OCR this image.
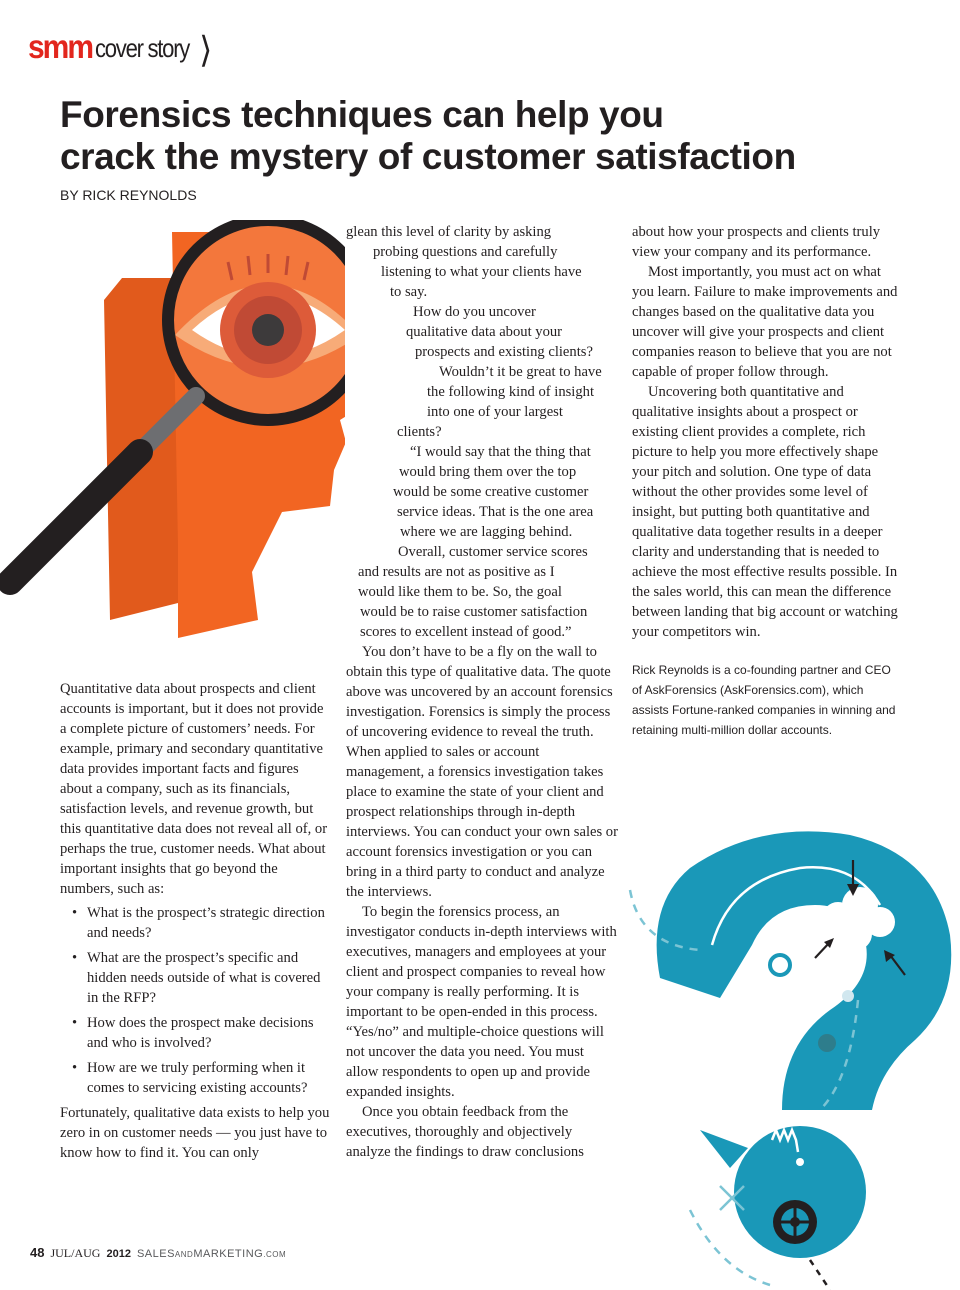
smm cover story ❭
Forensics techniques can help you
crack the mystery of customer satisfaction
BY RICK REYNOLDS

Quantitative data about prospects and client accounts is important, but it does not provide a complete picture of customers’ needs. For example, primary and secondary quantitative data provides important facts and figures about a company, such as its financials, satisfaction levels, and revenue growth, but this quantitative data does not reveal all of, or perhaps the true, customer needs. What about important insights that go beyond the numbers, such as:

• What is the prospect’s strategic direction and needs?
• What are the prospect’s specific and hidden needs outside of what is covered in the RFP?
• How does the prospect make decisions and who is involved?
• How are we truly performing when it comes to servicing existing accounts?

Fortunately, qualitative data exists to help you zero in on customer needs — you just have to know how to find it. You can only

glean this level of clarity by asking
probing questions and carefully
listening to what your clients have
to say.
How do you uncover
qualitative data about your
prospects and existing clients?
Wouldn’t it be great to have
the following kind of insight
into one of your largest
clients?
“I would say that the thing that
would bring them over the top
would be some creative customer
service ideas. That is the one area
where we are lagging behind.
Overall, customer service scores
and results are not as positive as I
would like them to be. So, the goal
would be to raise customer satisfaction
scores to excellent instead of good.”

You don’t have to be a fly on the wall to obtain this type of qualitative data. The quote above was uncovered by an account forensics investigation. Forensics is simply the process of uncovering evidence to reveal the truth. When applied to sales or account management, a forensics investigation takes place to examine the state of your client and prospect relationships through in-depth interviews. You can conduct your own sales or account forensics investigation or you can bring in a third party to conduct and analyze the interviews.

To begin the forensics process, an investigator conducts in-depth interviews with executives, managers and employees at your client and prospect companies to reveal how your company is really performing. It is important to be open-ended in this process. “Yes/no” and multiple-choice questions will not uncover the data you need. You must allow respondents to open up and provide expanded insights.

Once you obtain feedback from the executives, thoroughly and objectively analyze the findings to draw conclusions

about how your prospects and clients truly view your company and its performance.

Most importantly, you must act on what you learn. Failure to make improvements and changes based on the qualitative data you uncover will give your prospects and client companies reason to believe that you are not capable of proper follow through.

Uncovering both quantitative and qualitative insights about a prospect or existing client provides a complete, rich picture to help you more effectively shape your pitch and solution. One type of data without the other provides some level of insight, but putting both quantitative and qualitative data together results in a deeper clarity and understanding that is needed to achieve the most effective results possible. In the sales world, this can mean the difference between landing that big account or watching your competitors win.

Rick Reynolds is a co-founding partner and CEO of AskForensics (AskForensics.com), which assists Fortune-ranked companies in winning and retaining multi-million dollar accounts.

48 JUL/AUG 2012 SALESANDMARKETING.COM
